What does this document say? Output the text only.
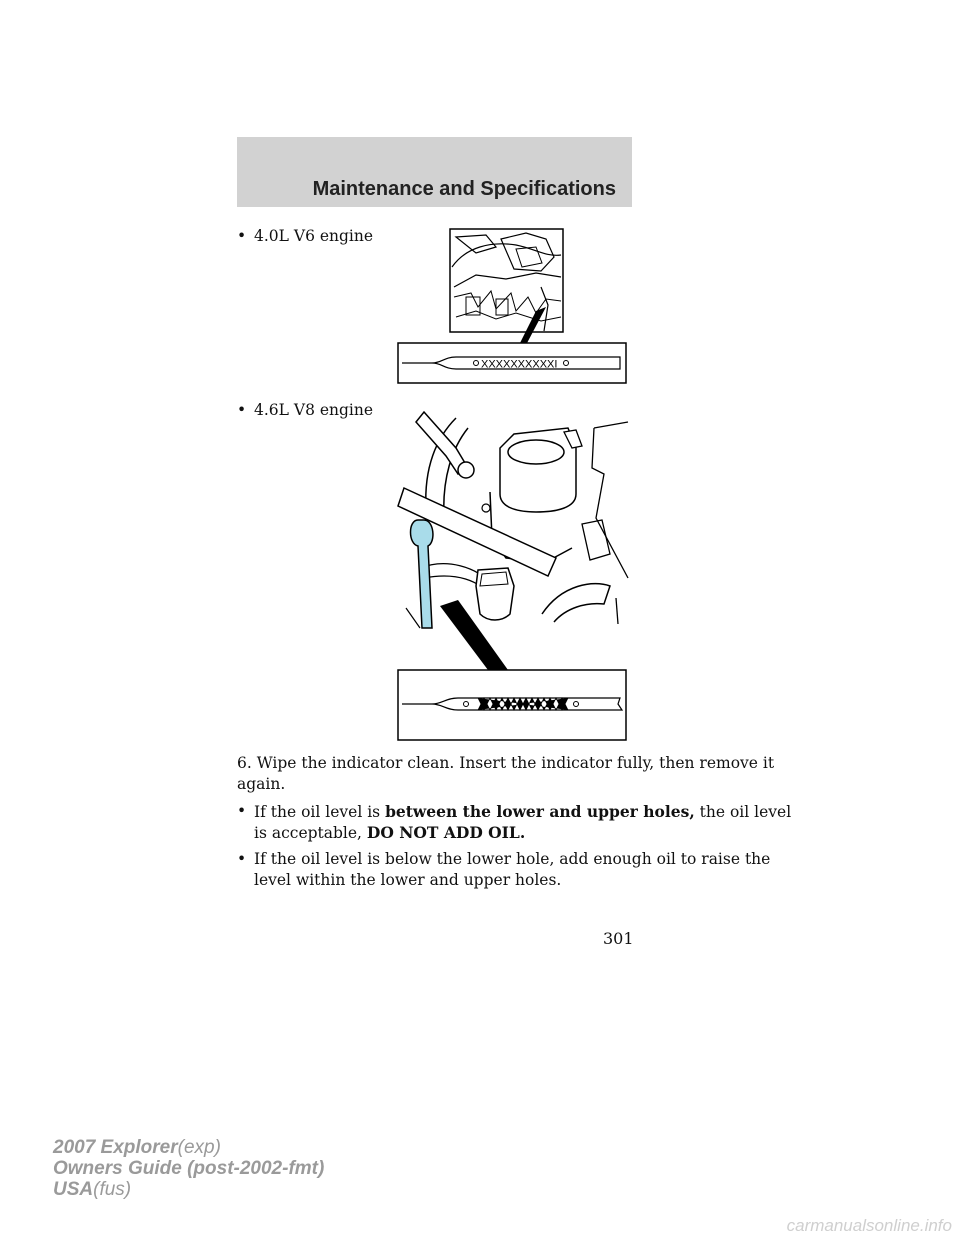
Maintenance and Specifications
• 4.0L V6 engine
XXXXXXXXXXI
• 4.6L V8 engine
6. Wipe the indicator clean. Insert the indicator fully, then remove it
again.
• If the oil level is between the lower and upper holes, the oil level
is acceptable, DO NOT ADD OIL.
• If the oil level is below the lower hole, add enough oil to raise the
level within the lower and upper holes.
301
2007 Explorer(exp)
Owners Guide (post-2002-fmt)
USA(fus)
carmanualsonline.info
